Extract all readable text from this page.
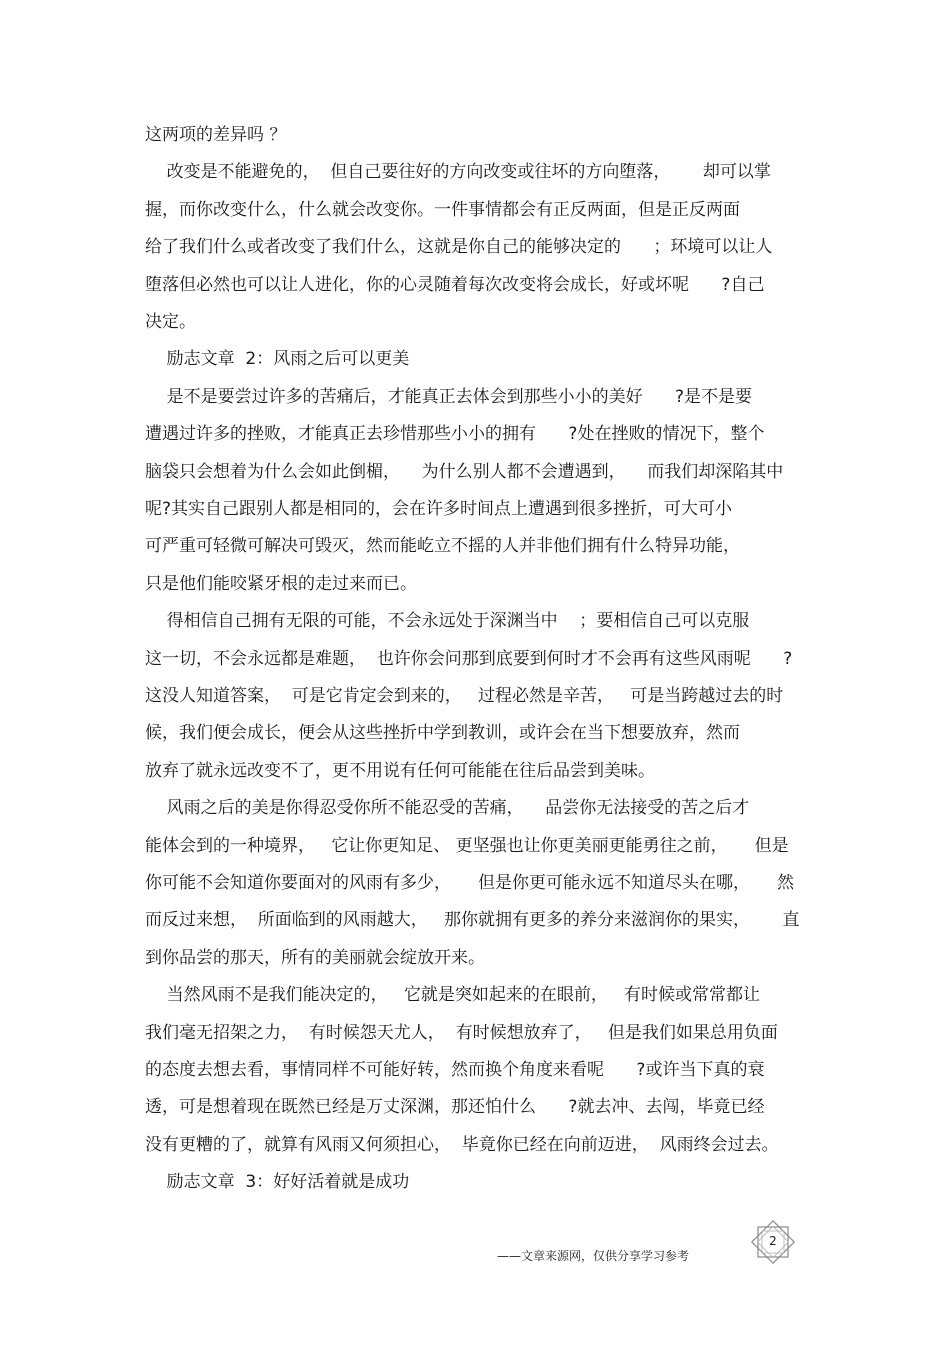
这两项的差异吗 ？
改变是不能避免的，  但自己要往好的方向改变或往坏的方向堕落，      却可以掌
握，而你改变什么，什么就会改变你。一件事情都会有正反两面，但是正反两面
给了我们什么或者改变了我们什么，这就是你自己的能够决定的      ；环境可以让人
堕落但必然也可以让人进化，你的心灵随着每次改变将会成长，好或坏呢      ?自己
决定。
励志文章  2：风雨之后可以更美
是不是要尝过许多的苦痛后，才能真正去体会到那些小小的美好      ?是不是要
遭遇过许多的挫败，才能真正去珍惜那些小小的拥有      ?处在挫败的情况下，整个
脑袋只会想着为什么会如此倒楣，    为什么别人都不会遭遇到，    而我们却深陷其中
呢?其实自己跟别人都是相同的，会在许多时间点上遭遇到很多挫折，可大可小
可严重可轻微可解决可毁灭，然而能屹立不摇的人并非他们拥有什么特异功能，
只是他们能咬紧牙根的走过来而已。
得相信自己拥有无限的可能，不会永远处于深渊当中    ；要相信自己可以克服
这一切，不会永远都是难题，  也许你会问那到底要到何时才不会再有这些风雨呢      ?
这没人知道答案，  可是它肯定会到来的，   过程必然是辛苦，   可是当跨越过去的时
候，我们便会成长，便会从这些挫折中学到教训，或许会在当下想要放弃，然而
放弃了就永远改变不了，更不用说有任何可能能在往后品尝到美味。
风雨之后的美是你得忍受你所不能忍受的苦痛，    品尝你无法接受的苦之后才
能体会到的一种境界，   它让你更知足、 更坚强也让你更美丽更能勇往之前，     但是
你可能不会知道你要面对的风雨有多少，     但是你更可能永远不知道尽头在哪，     然
而反过来想，  所面临到的风雨越大，   那你就拥有更多的养分来滋润你的果实，      直
到你品尝的那天，所有的美丽就会绽放开来。
当然风雨不是我们能决定的，   它就是突如起来的在眼前，   有时候或常常都让
我们毫无招架之力，  有时候怨天尤人，  有时候想放弃了，   但是我们如果总用负面
的态度去想去看，事情同样不可能好转，然而换个角度来看呢      ?或许当下真的衰
透，可是想着现在既然已经是万丈深渊，那还怕什么      ?就去冲、去闯，毕竟已经
没有更糟的了，就算有风雨又何须担心，  毕竟你已经在向前迈进，  风雨终会过去。
励志文章  3：好好活着就是成功
——文章来源网，仅供分享学习参考
2
